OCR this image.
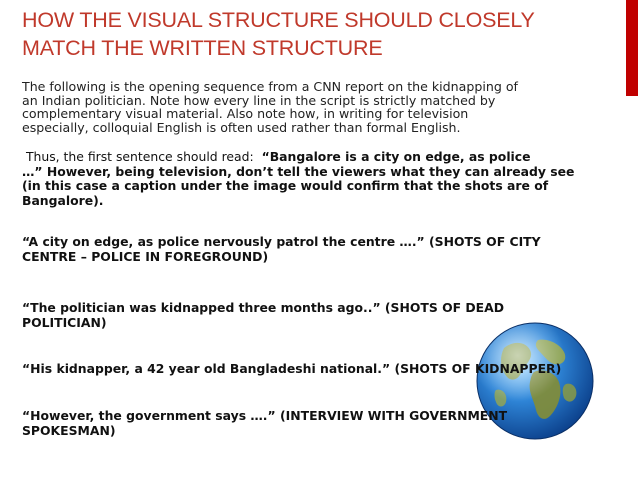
HOW THE VISUAL STRUCTURE SHOULD CLOSELY
MATCH THE WRITTEN STRUCTURE
The following is the opening sequence from a CNN report on the kidnapping of
an Indian politician. Note how every line in the script is strictly matched by
complementary visual material. Also note how, in writing for television
especially, colloquial English is often used rather than formal English.
Thus, the first sentence should read:  “Bangalore is a city on edge, as police
…” However, being television, don’t tell the viewers what they can already see
(in this case a caption under the image would confirm that the shots are of
Bangalore).
“A city on edge, as police nervously patrol the centre ….” (SHOTS OF CITY
CENTRE – POLICE IN FOREGROUND)
“The politician was kidnapped three months ago..” (SHOTS OF DEAD
POLITICIAN)
“His kidnapper, a 42 year old Bangladeshi national.” (SHOTS OF KIDNAPPER)
“However, the government says ….” (INTERVIEW WITH GOVERNMENT
SPOKESMAN)
